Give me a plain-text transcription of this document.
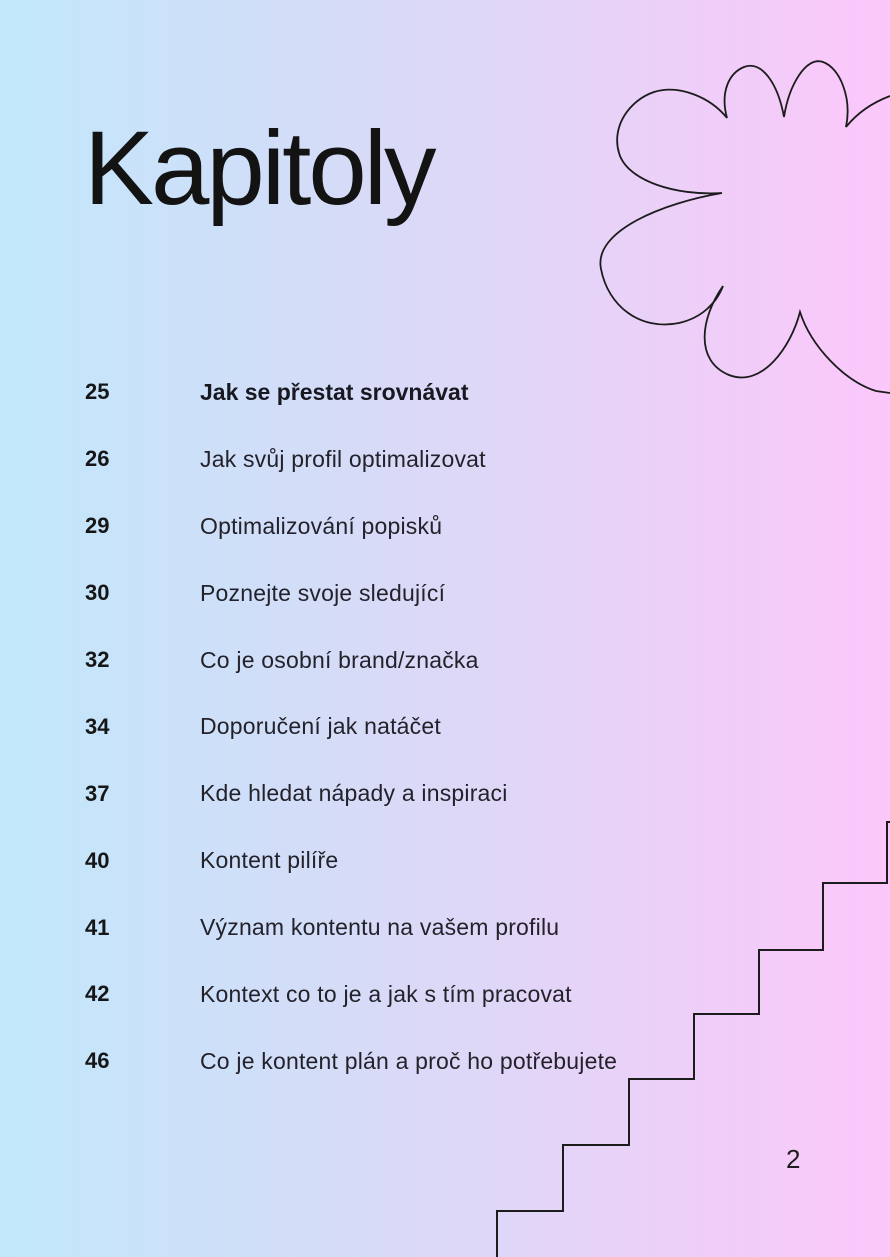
Kapitoly
25	Jak se přestat srovnávat
26	Jak svůj profil optimalizovat
29	Optimalizování popisků
30	Poznejte svoje sledující
32	Co je osobní brand/značka
34	Doporučení jak natáčet
37	Kde hledat nápady a inspiraci
40	Kontent pilíře
41	Význam kontentu na vašem profilu
42	Kontext co to je a jak s tím pracovat
46	Co je kontent plán a proč ho potřebujete
2
